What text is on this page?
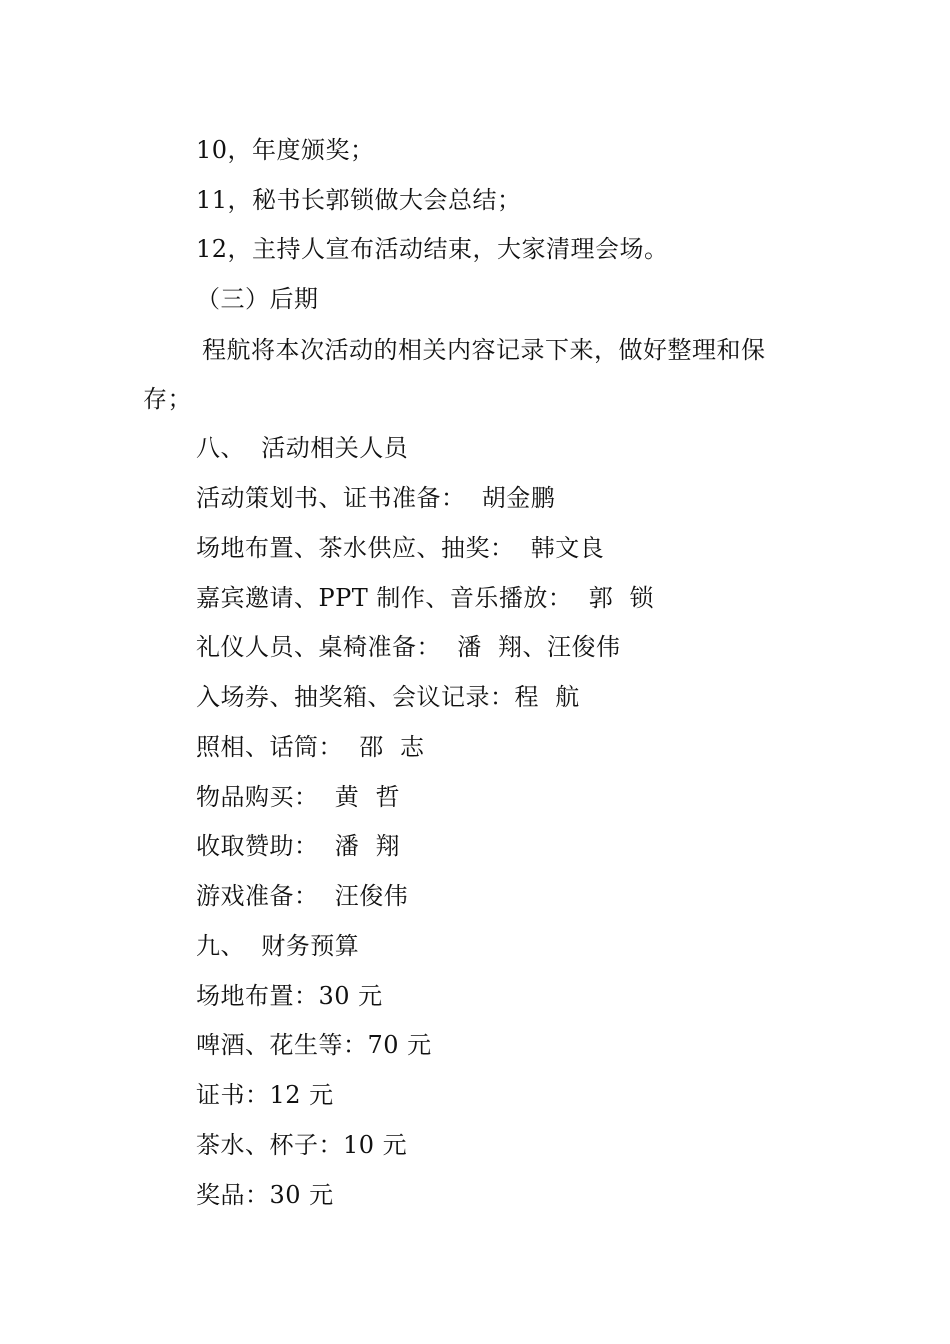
10，年度颁奖；
11，秘书长郭锁做大会总结；
12，主持人宣布活动结束，大家清理会场。
（三）后期
程航将本次活动的相关内容记录下来，做好整理和保
存；
八、  活动相关人员
活动策划书、证书准备：  胡金鹏
场地布置、茶水供应、抽奖：  韩文良
嘉宾邀请、PPT 制作、音乐播放：  郭  锁
礼仪人员、桌椅准备：  潘  翔、汪俊伟
入场券、抽奖箱、会议记录：程  航
照相、话筒：  邵  志
物品购买：  黄  哲
收取赞助：  潘  翔
游戏准备：  汪俊伟
九、  财务预算
场地布置：30 元
啤酒、花生等：70 元
证书：12 元
茶水、杯子：10 元
奖品：30 元
